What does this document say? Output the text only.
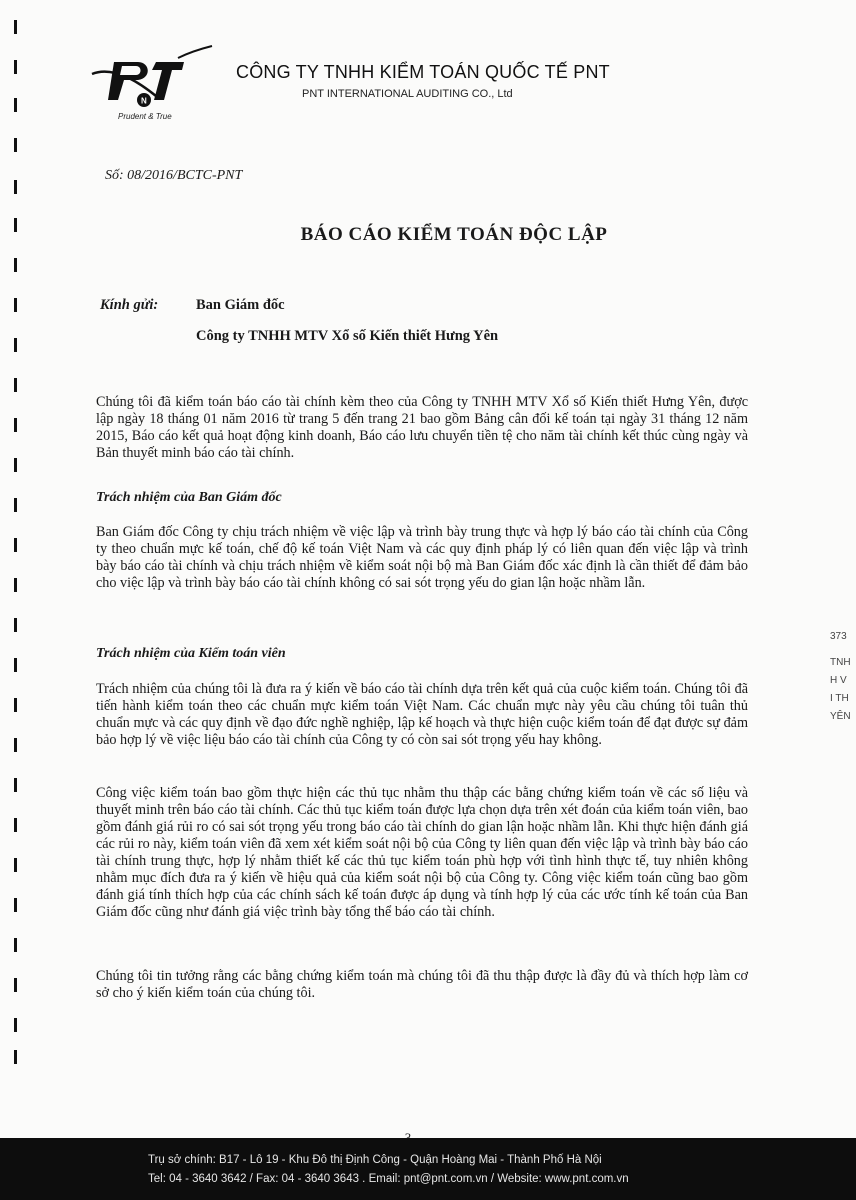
N
Prudent & True
CÔNG TY TNHH KIỂM TOÁN QUỐC TẾ PNT
PNT INTERNATIONAL AUDITING CO., Ltd
Số: 08/2016/BCTC-PNT
BÁO CÁO KIỂM TOÁN ĐỘC LẬP
Kính gửi:	Ban Giám đốc
Công ty TNHH MTV Xổ số Kiến thiết Hưng Yên
Chúng tôi đã kiểm toán báo cáo tài chính kèm theo của Công ty TNHH MTV Xổ số Kiến thiết Hưng Yên, được lập ngày 18 tháng 01 năm 2016 từ trang 5 đến trang 21 bao gồm Bảng cân đối kế toán tại ngày 31 tháng 12 năm 2015, Báo cáo kết quả hoạt động kinh doanh, Báo cáo lưu chuyển tiền tệ cho năm tài chính kết thúc cùng ngày và Bản thuyết minh báo cáo tài chính.
Trách nhiệm của Ban Giám đốc
Ban Giám đốc Công ty chịu trách nhiệm về việc lập và trình bày trung thực và hợp lý báo cáo tài chính của Công ty theo chuẩn mực kế toán, chế độ kế toán Việt Nam và các quy định pháp lý có liên quan đến việc lập và trình bày báo cáo tài chính và chịu trách nhiệm về kiểm soát nội bộ mà Ban Giám đốc xác định là cần thiết để đảm bảo cho việc lập và trình bày báo cáo tài chính không có sai sót trọng yếu do gian lận hoặc nhầm lẫn.
Trách nhiệm của Kiểm toán viên
Trách nhiệm của chúng tôi là đưa ra ý kiến về báo cáo tài chính dựa trên kết quả của cuộc kiểm toán. Chúng tôi đã tiến hành kiểm toán theo các chuẩn mực kiểm toán Việt Nam. Các chuẩn mực này yêu cầu chúng tôi tuân thủ chuẩn mực và các quy định về đạo đức nghề nghiệp, lập kế hoạch và thực hiện cuộc kiểm toán để đạt được sự đảm bảo hợp lý về việc liệu báo cáo tài chính của Công ty có còn sai sót trọng yếu hay không.
Công việc kiểm toán bao gồm thực hiện các thủ tục nhằm thu thập các bằng chứng kiểm toán về các số liệu và thuyết minh trên báo cáo tài chính. Các thủ tục kiểm toán được lựa chọn dựa trên xét đoán của kiểm toán viên, bao gồm đánh giá rủi ro có sai sót trọng yếu trong báo cáo tài chính do gian lận hoặc nhầm lẫn. Khi thực hiện đánh giá các rủi ro này, kiểm toán viên đã xem xét kiểm soát nội bộ của Công ty liên quan đến việc lập và trình bày báo cáo tài chính trung thực, hợp lý nhằm thiết kế các thủ tục kiểm toán phù hợp với tình hình thực tế, tuy nhiên không nhằm mục đích đưa ra ý kiến về hiệu quả của kiểm soát nội bộ của Công ty. Công việc kiểm toán cũng bao gồm đánh giá tính thích hợp của các chính sách kế toán được áp dụng và tính hợp lý của các ước tính kế toán của Ban Giám đốc cũng như đánh giá việc trình bày tổng thể báo cáo tài chính.
Chúng tôi tin tưởng rằng các bằng chứng kiểm toán mà chúng tôi đã thu thập được là đầy đủ và thích hợp làm cơ sở cho ý kiến kiểm toán của chúng tôi.
373
TNH
H V
I TH
YÊN
Trụ sở chính: B17 - Lô 19 - Khu Đô thị Định Công - Quận Hoàng Mai - Thành Phố Hà Nội
Tel: 04 - 3640 3642 / Fax: 04 - 3640 3643 . Email: pnt@pnt.com.vn / Website: www.pnt.com.vn
